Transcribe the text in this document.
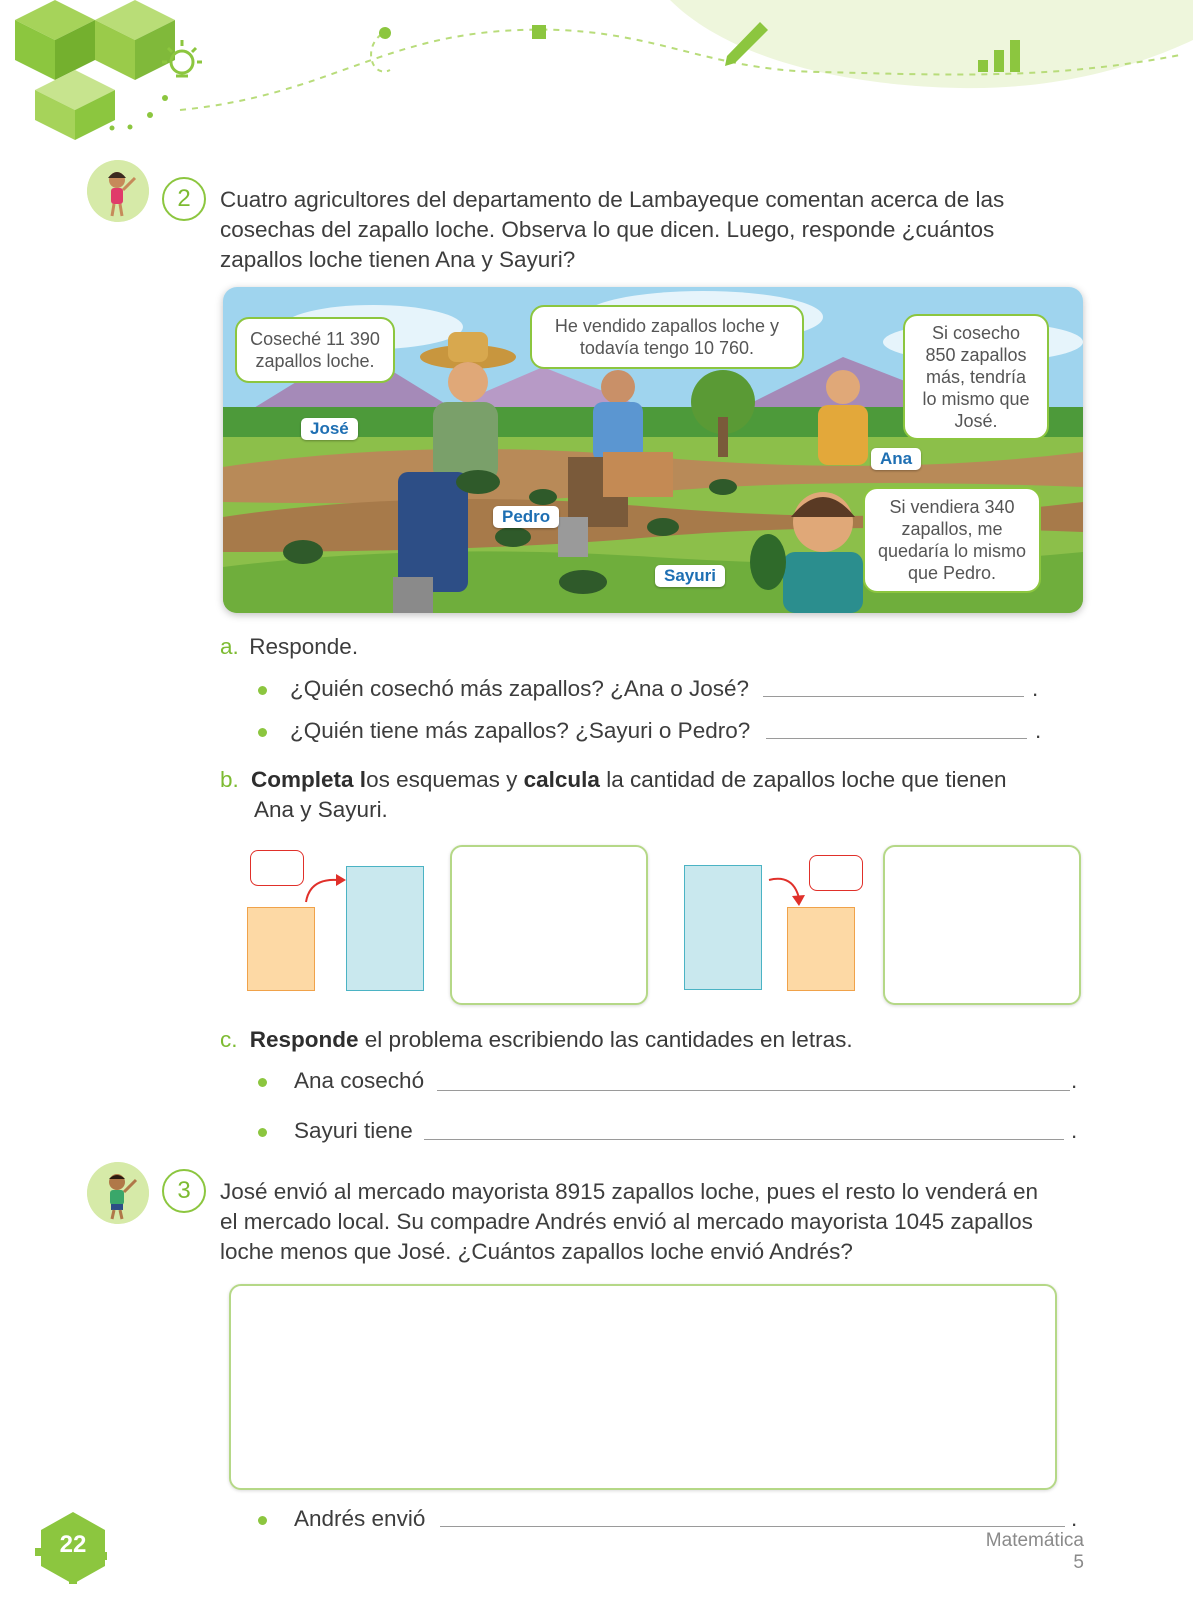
2	Cuatro agricultores del departamento de Lambayeque comentan acerca de las
cosechas del zapallo loche. Observa lo que dicen. Luego, responde ¿cuántos
zapallos loche tienen Ana y Sayuri?
Coseché 11 390
zapallos loche.
He vendido zapallos loche y
todavía tengo 10 760.
Si cosecho
850 zapallos
más, tendría
lo mismo que
José.
Si vendiera 340
zapallos, me
quedaría lo mismo
que Pedro.
José
Pedro
Sayuri
Ana
a. Responde.
¿Quién cosechó más zapallos? ¿Ana o José?	.
¿Quién tiene más zapallos? ¿Sayuri o Pedro?	.
b. Completa los esquemas y calcula la cantidad de zapallos loche que tienen
Ana y Sayuri.
c. Responde el problema escribiendo las cantidades en letras.
Ana cosechó	.
Sayuri tiene	.
3	José envió al mercado mayorista 8915 zapallos loche, pues el resto lo venderá en
el mercado local. Su compadre Andrés envió al mercado mayorista 1045 zapallos
loche menos que José. ¿Cuántos zapallos loche envió Andrés?
Andrés envió	.
22	Matemática 5
